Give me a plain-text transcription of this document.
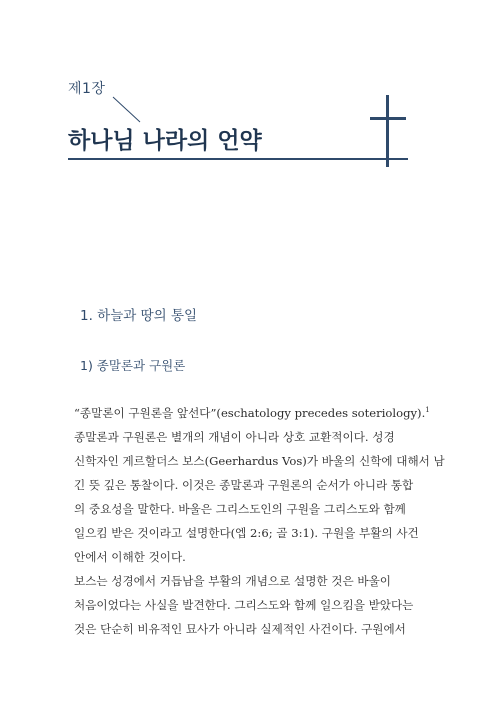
제1장
하나님 나라의 언약
1. 하늘과 땅의 통일
1) 종말론과 구원론
“종말론이 구원론을 앞선다”(eschatology precedes soteriology).$^1$
종말론과 구원론은 별개의 개념이 아니라 상호 교환적이다. 성경
신학자인 게르할더스 보스(Geerhardus Vos)가 바울의 신학에 대해서 남
긴 뜻 깊은 통찰이다. 이것은 종말론과 구원론의 순서가 아니라 통합
의 중요성을 말한다. 바울은 그리스도인의 구원을 그리스도와 함께
일으킴 받은 것이라고 설명한다(엡 2:6; 골 3:1). 구원을 부활의 사건
안에서 이해한 것이다.
보스는 성경에서 거듭남을 부활의 개념으로 설명한 것은 바울이
처음이었다는 사실을 발견한다. 그리스도와 함께 일으킴을 받았다는
것은 단순히 비유적인 묘사가 아니라 실제적인 사건이다. 구원에서
